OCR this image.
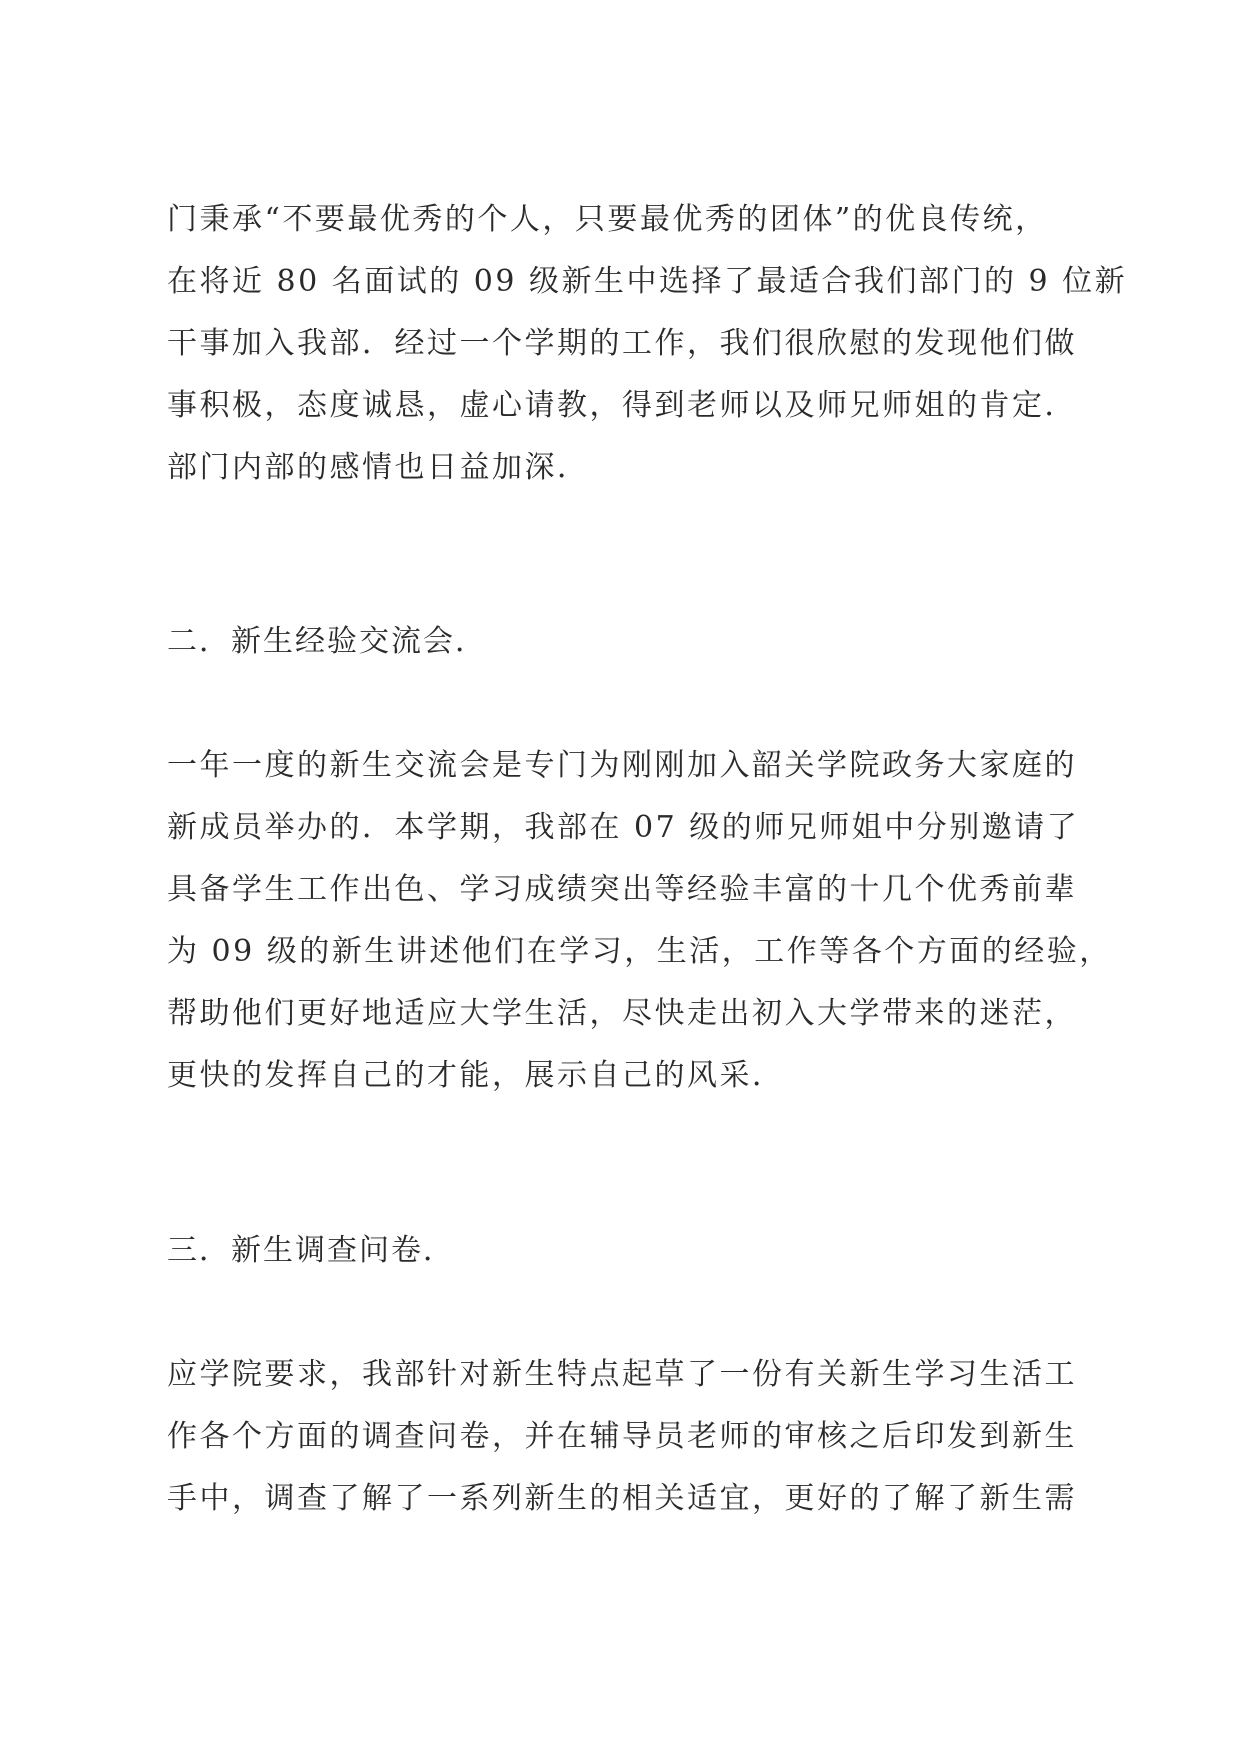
门秉承“不要最优秀的个人，只要最优秀的团体”的优良传统，
在将近 80 名面试的 09 级新生中选择了最适合我们部门的 9 位新
干事加入我部．经过一个学期的工作，我们很欣慰的发现他们做
事积极，态度诚恳，虚心请教，得到老师以及师兄师姐的肯定．
部门内部的感情也日益加深．
二．新生经验交流会．
一年一度的新生交流会是专门为刚刚加入韶关学院政务大家庭的
新成员举办的．本学期，我部在 07 级的师兄师姐中分别邀请了
具备学生工作出色、学习成绩突出等经验丰富的十几个优秀前辈
为 09 级的新生讲述他们在学习，生活，工作等各个方面的经验，
帮助他们更好地适应大学生活，尽快走出初入大学带来的迷茫，
更快的发挥自己的才能，展示自己的风采．
三．新生调查问卷．
应学院要求，我部针对新生特点起草了一份有关新生学习生活工
作各个方面的调查问卷，并在辅导员老师的审核之后印发到新生
手中，调查了解了一系列新生的相关适宜，更好的了解了新生需
